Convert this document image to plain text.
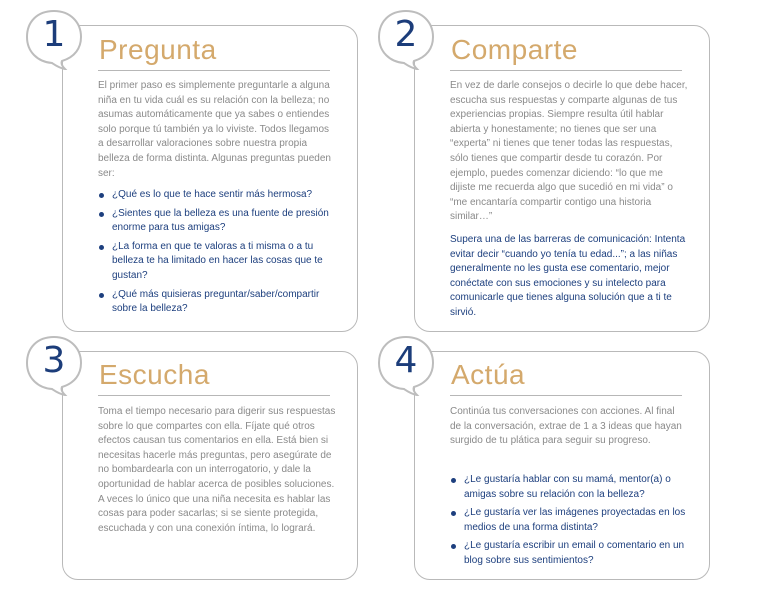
1	2
3	4
Pregunta	Comparte
Escucha	Actúa
El primer paso es simplemente preguntarle a alguna niña en tu vida cuál es su relación con la belleza; no asumas automáticamente que ya sabes o entiendes solo porque tú también ya lo viviste. Todos llegamos a desarrollar valoraciones sobre nuestra propia belleza de forma distinta. Algunas preguntas pueden ser:
¿Qué es lo que te hace sentir más hermosa?
¿Sientes que la belleza es una fuente de presión enorme para tus amigas?
¿La forma en que te valoras a ti misma o a tu belleza te ha limitado en hacer las cosas que te gustan?
¿Qué más quisieras preguntar/saber/compartir sobre la belleza?
En vez de darle consejos o decirle lo que debe hacer, escucha sus respuestas y comparte algunas de tus experiencias propias. Siempre resulta útil hablar abierta y honestamente; no tienes que ser una “experta” ni tienes que tener todas las respuestas, sólo tienes que compartir desde tu corazón. Por ejemplo, puedes comenzar diciendo: “lo que me dijiste me recuerda algo que sucedió en mi vida” o “me encantaría compartir contigo una historia similar…”
Supera una de las barreras de comunicación: Intenta evitar decir “cuando yo tenía tu edad...”; a las niñas generalmente no les gusta ese comentario, mejor conéctate con sus emociones y su intelecto para comunicarle que tienes alguna solución que a ti te sirvió.
Toma el tiempo necesario para digerir sus respuestas sobre lo que compartes con ella. Fíjate qué otros efectos causan tus comentarios en ella. Está bien si necesitas hacerle más preguntas, pero asegúrate de no bombardearla con un interrogatorio, y dale la oportunidad de hablar acerca de posibles soluciones. A veces lo único que una niña necesita es hablar las cosas para poder sacarlas; si se siente protegida, escuchada y con una conexión íntima, lo logrará.
Continúa tus conversaciones con acciones. Al final de la conversación, extrae de 1 a 3 ideas que hayan surgido de tu plática para seguir su progreso.
¿Le gustaría hablar con su mamá, mentor(a) o amigas sobre su relación con la belleza?
¿Le gustaría ver las imágenes proyectadas en los medios de una forma distinta?
¿Le gustaría escribir un email o comentario en un blog sobre sus sentimientos?
